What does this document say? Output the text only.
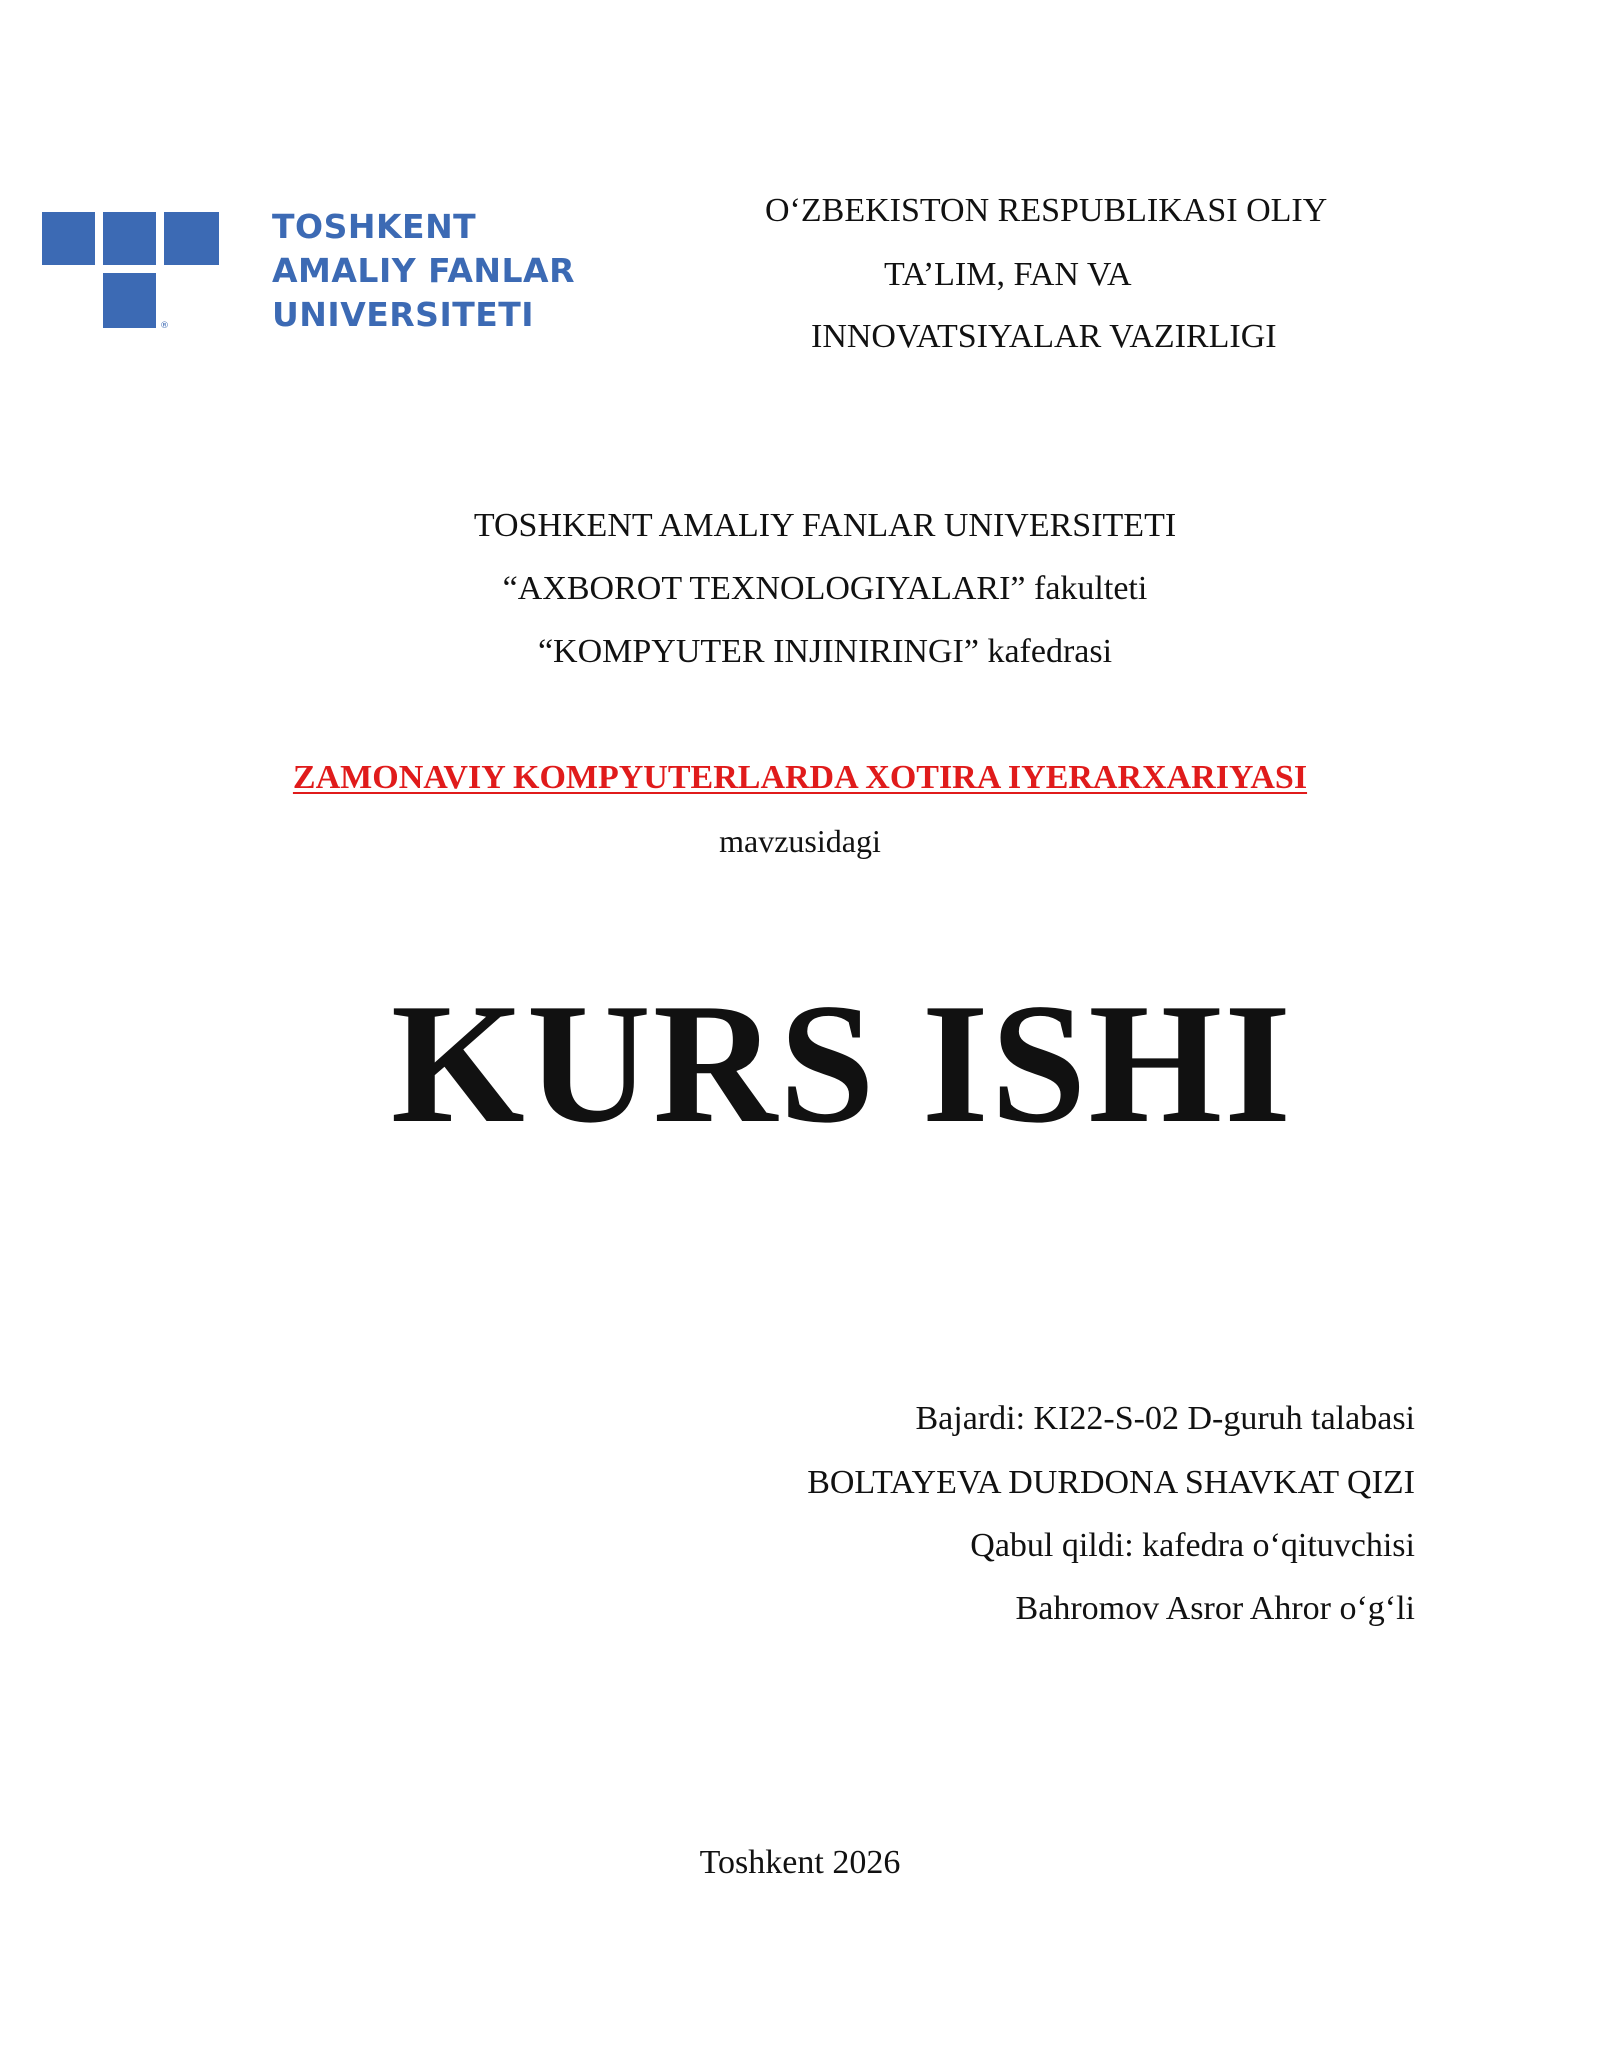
®
TOSHKENT
AMALIY FANLAR
UNIVERSITETI
O‘ZBEKISTON RESPUBLIKASI OLIY
TA’LIM, FAN VA
INNOVATSIYALAR VAZIRLIGI
TOSHKENT AMALIY FANLAR UNIVERSITETI
“AXBOROT TEXNOLOGIYALARI” fakulteti
“KOMPYUTER INJINIRINGI” kafedrasi
ZAMONAVIY KOMPYUTERLARDA XOTIRA IYERARXARIYASI
mavzusidagi
KURS ISHI
Bajardi: KI22-S-02 D-guruh talabasi
BOLTAYEVA DURDONA SHAVKAT QIZI
Qabul qildi: kafedra o‘qituvchisi
Bahromov Asror Ahror o‘g‘li
Toshkent 2026
